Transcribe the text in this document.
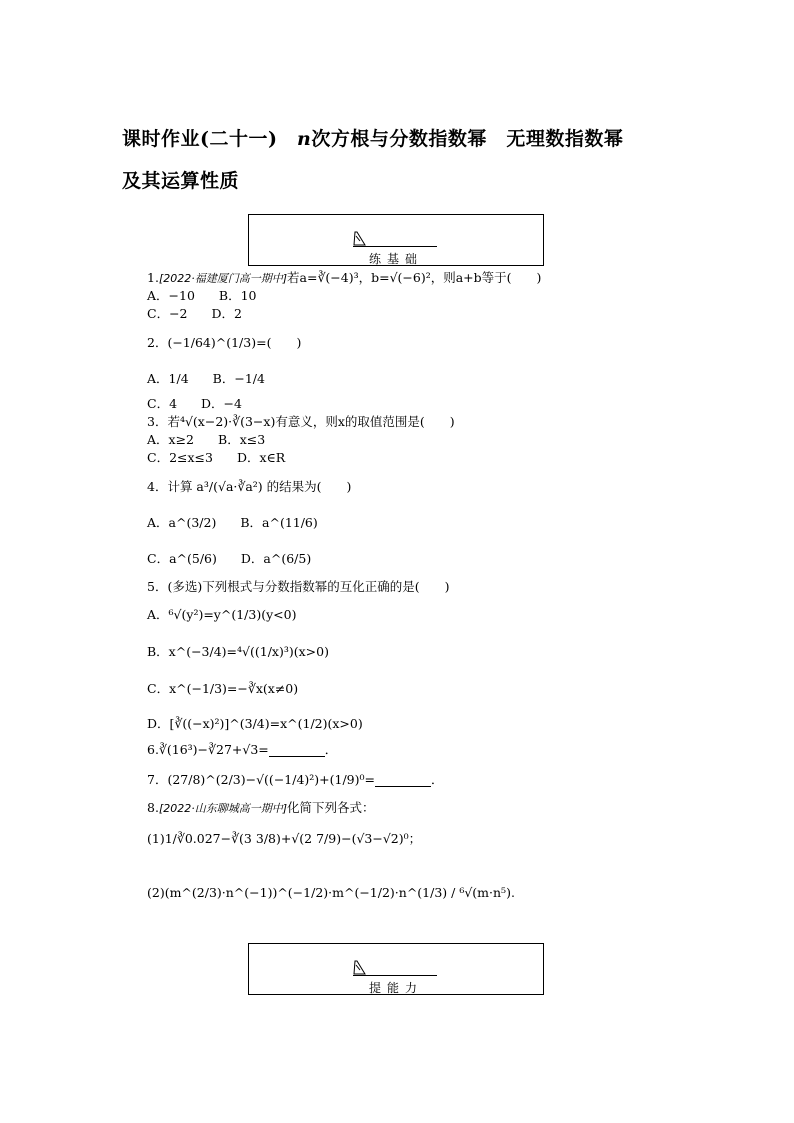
课时作业(二十一)　 n次方根与分数指数幂　无理数指数幂
及其运算性质
练基础
1.[2022·福建厦门高一期中]若a=∛(−4)³，b=√(−6)²，则a+b等于(　　)
A．−10 B．10
C．−2 D．2
2．(−1/64)^(1/3)=(　　)
A．1/4 B．−1/4
C．4 D．−4
3．若⁴√(x−2)·∛(3−x)有意义，则x的取值范围是(　　)
A．x≥2 B．x≤3
C．2≤x≤3 D．x∈R
4．计算 a³/(√a·∛a²) 的结果为(　　)
A．a^(3/2) B．a^(11/6)
C．a^(5/6) D．a^(6/5)
5．(多选)下列根式与分数指数幂的互化正确的是(　　)
A．⁶√(y²)=y^(1/3)(y<0)
B．x^(−3/4)=⁴√((1/x)³)(x>0)
C．x^(−1/3)=−∛x(x≠0)
D．[∛((−x)²)]^(3/4)=x^(1/2)(x>0)
6.∛(16³)−∛27+√3=	．
7．(27/8)^(2/3)−√((−1/4)²)+(1/9)⁰=	．
8.[2022·山东聊城高一期中]化简下列各式：
(1)1/∛0.027−∛(3 3/8)+√(2 7/9)−(√3−√2)⁰；
(2)(m^(2/3)·n^(−1))^(−1/2)·m^(−1/2)·n^(1/3) / ⁶√(m·n⁵).
提能力
